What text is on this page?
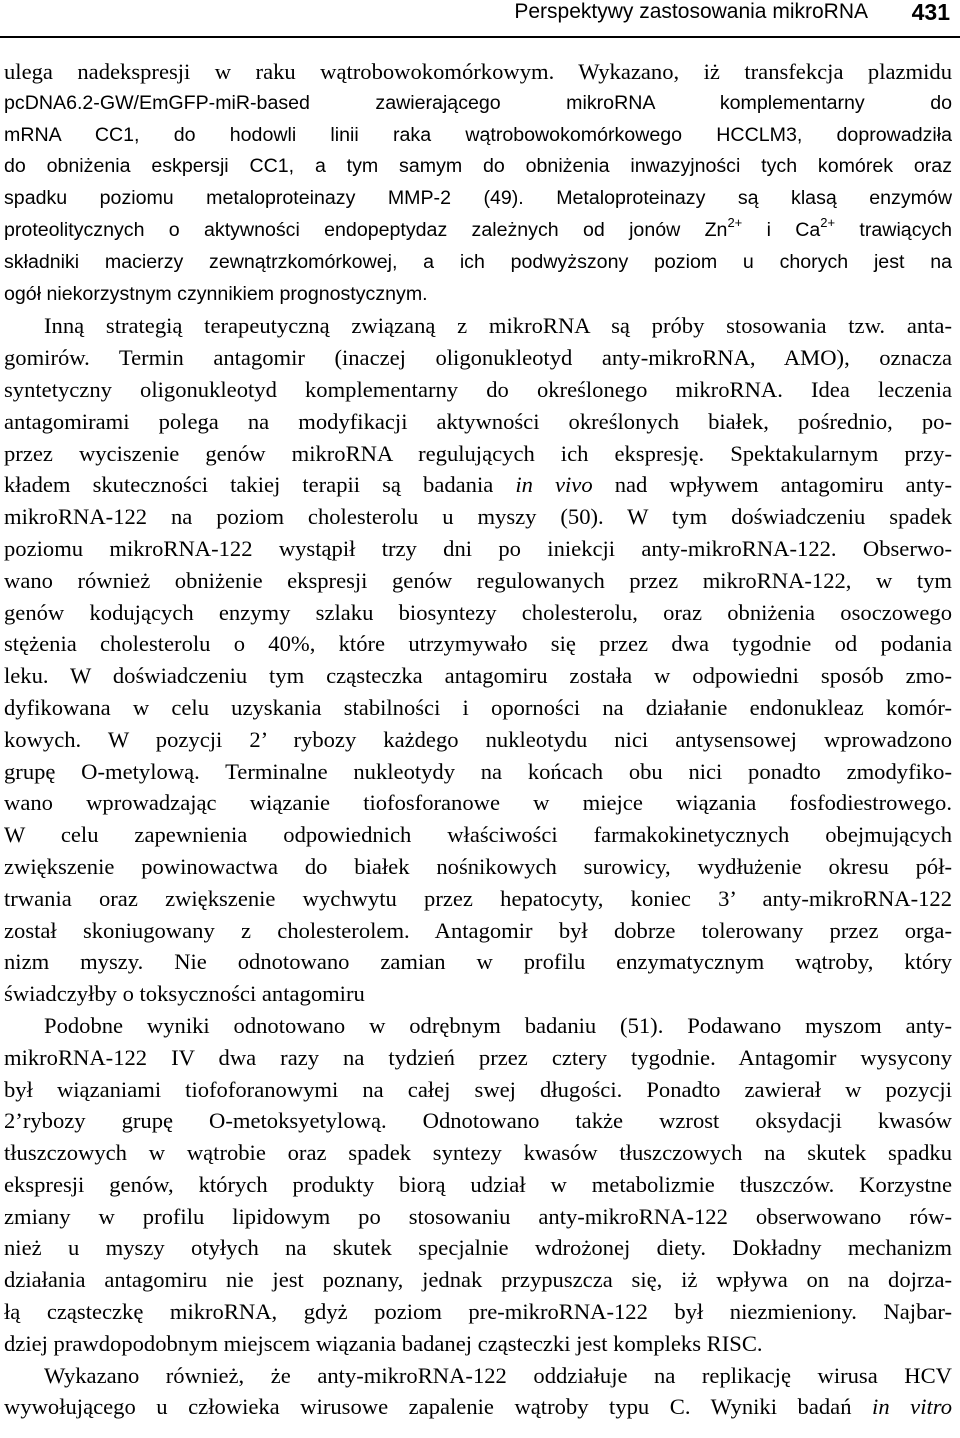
Perspektywy zastosowania mikroRNA 431
ulega nadekspresji w raku wątrobowokomórkowym. Wykazano, iż transfekcja plazmidu
pcDNA6.2-GW/EmGFP-miR-based zawierającego mikroRNA komplementarny do
mRNA CC1, do hodowli linii raka wątrobowokomórkowego HCCLM3, doprowadziła
do obniżenia eskpersji CC1, a tym samym do obniżenia inwazyjności tych komórek oraz
spadku poziomu metaloproteinazy MMP-2 (49). Metaloproteinazy są klasą enzymów
proteolitycznych o aktywności endopeptydaz zależnych od jonów $Zn^{2+}$ i $Ca^{2+}$ trawiących
składniki macierzy zewnątrzkomórkowej, a ich podwyższony poziom u chorych jest na
ogół niekorzystnym czynnikiem prognostycznym.
Inną strategią terapeutyczną związaną z mikroRNA są próby stosowania tzw. anta-
gomirów. Termin antagomir (inaczej oligonukleotyd anty-mikroRNA, AMO), oznacza
syntetyczny oligonukleotyd komplementarny do określonego mikroRNA. Idea leczenia
antagomirami polega na modyfikacji aktywności określonych białek, pośrednio, po-
przez wyciszenie genów mikroRNA regulujących ich ekspresję. Spektakularnym przy-
kładem skuteczności takiej terapii są badania in vivo nad wpływem antagomiru anty-
mikroRNA-122 na poziom cholesterolu u myszy (50). W tym doświadczeniu spadek
poziomu mikroRNA-122 wystąpił trzy dni po iniekcji anty-mikroRNA-122. Obserwo-
wano również obniżenie ekspresji genów regulowanych przez mikroRNA-122, w tym
genów kodujących enzymy szlaku biosyntezy cholesterolu, oraz obniżenia osoczowego
stężenia cholesterolu o 40%, które utrzymywało się przez dwa tygodnie od podania
leku. W doświadczeniu tym cząsteczka antagomiru została w odpowiedni sposób zmo-
dyfikowana w celu uzyskania stabilności i oporności na działanie endonukleaz komór-
kowych. W pozycji 2’ rybozy każdego nukleotydu nici antysensowej wprowadzono
grupę O-metylową. Terminalne nukleotydy na końcach obu nici ponadto zmodyfiko-
wano wprowadzając wiązanie tiofosforanowe w miejce wiązania fosfodiestrowego.
W celu zapewnienia odpowiednich właściwości farmakokinetycznych obejmujących
zwiększenie powinowactwa do białek nośnikowych surowicy, wydłużenie okresu pół-
trwania oraz zwiększenie wychwytu przez hepatocyty, koniec 3’ anty-mikroRNA-122
został skoniugowany z cholesterolem. Antagomir był dobrze tolerowany przez orga-
nizm myszy. Nie odnotowano zamian w profilu enzymatycznym wątroby, który
świadczyłby o toksyczności antagomiru
Podobne wyniki odnotowano w odrębnym badaniu (51). Podawano myszom anty-
mikroRNA-122 IV dwa razy na tydzień przez cztery tygodnie. Antagomir wysycony
był wiązaniami tiofoforanowymi na całej swej długości. Ponadto zawierał w pozycji
2’rybozy grupę O-metoksyetylową. Odnotowano także wzrost oksydacji kwasów
tłuszczowych w wątrobie oraz spadek syntezy kwasów tłuszczowych na skutek spadku
ekspresji genów, których produkty biorą udział w metabolizmie tłuszczów. Korzystne
zmiany w profilu lipidowym po stosowaniu anty-mikroRNA-122 obserwowano rów-
nież u myszy otyłych na skutek specjalnie wdrożonej diety. Dokładny mechanizm
działania antagomiru nie jest poznany, jednak przypuszcza się, iż wpływa on na dojrza-
łą cząsteczkę mikroRNA, gdyż poziom pre-mikroRNA-122 był niezmieniony. Najbar-
dziej prawdopodobnym miejscem wiązania badanej cząsteczki jest kompleks RISC.
Wykazano również, że anty-mikroRNA-122 oddziałuje na replikację wirusa HCV
wywołującego u człowieka wirusowe zapalenie wątroby typu C. Wyniki badań in vitro
